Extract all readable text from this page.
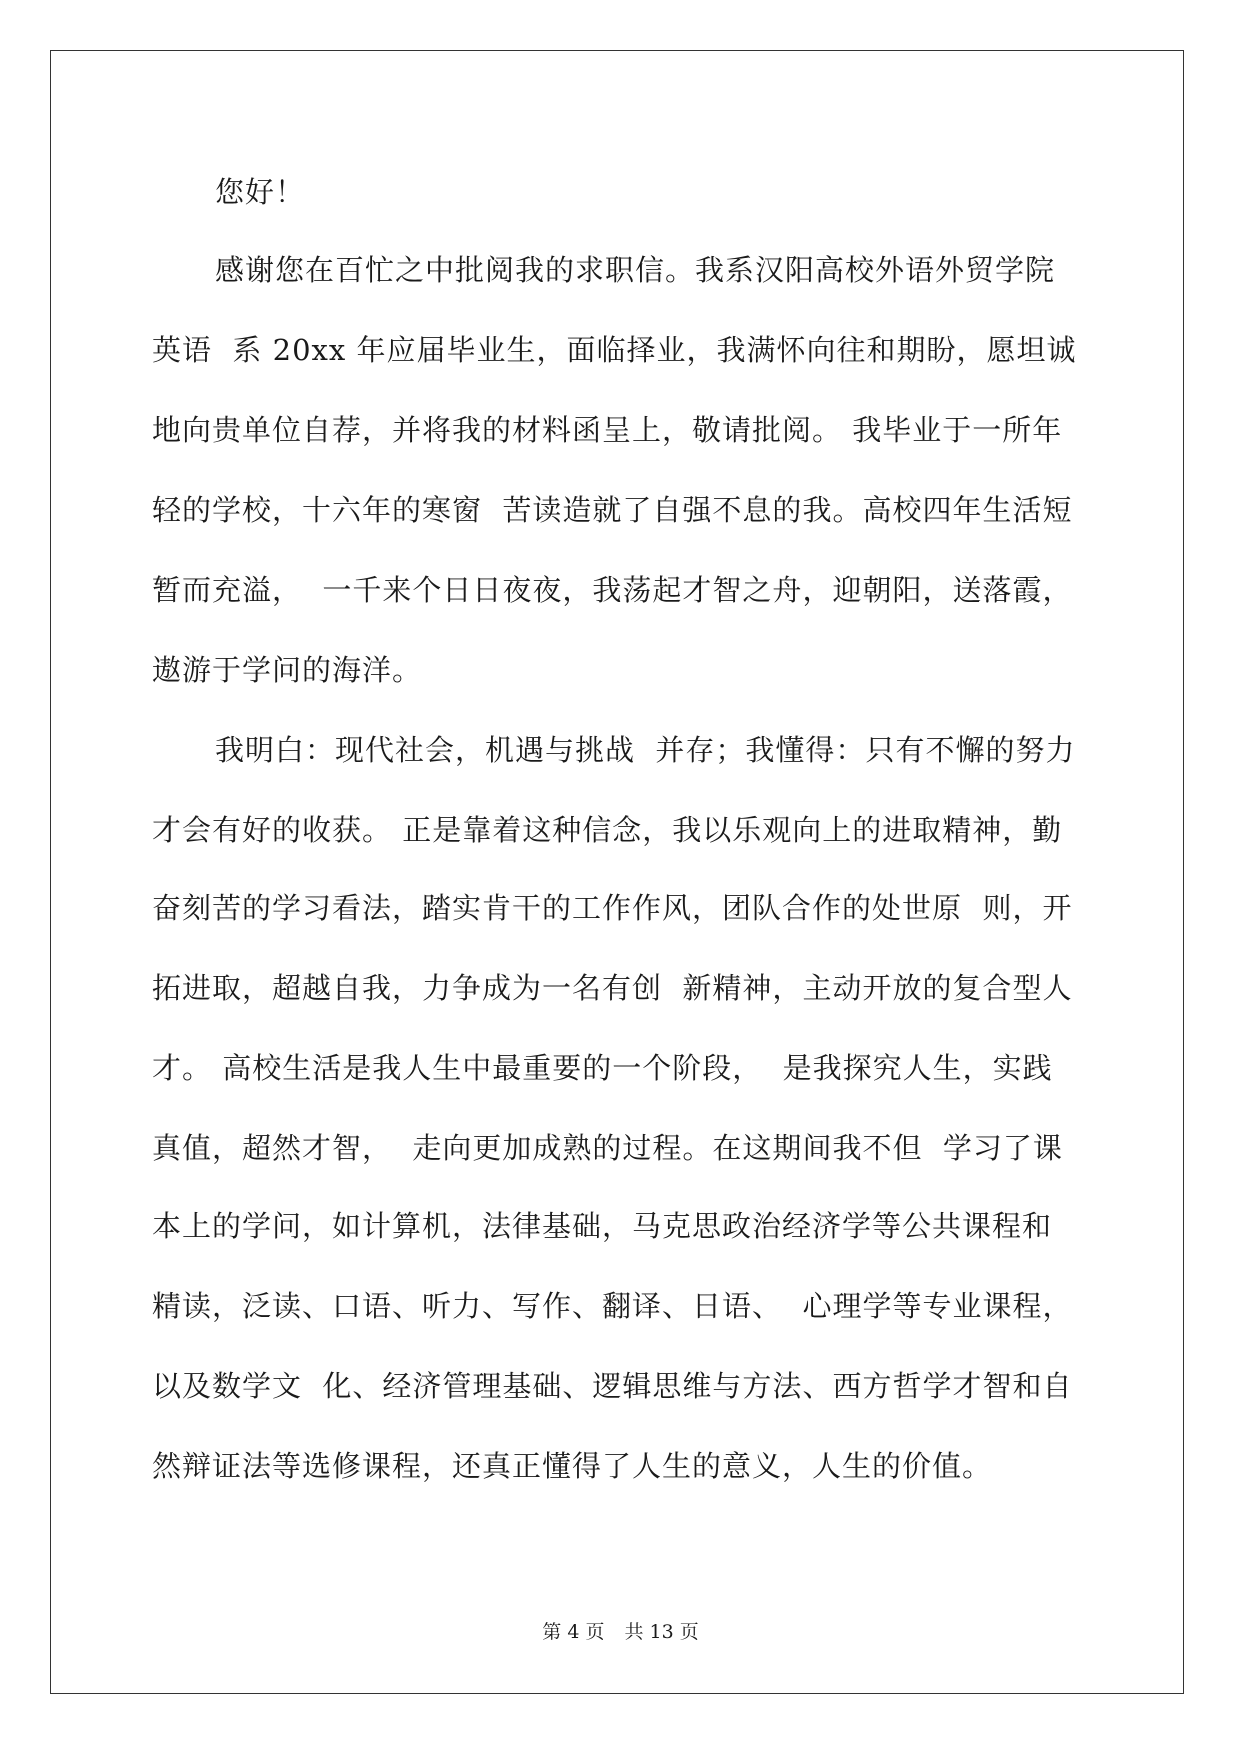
您好！
感谢您在百忙之中批阅我的求职信。我系汉阳高校外语外贸学院
英语  系 20xx 年应届毕业生，面临择业，我满怀向往和期盼，愿坦诚
地向贵单位自荐，并将我的材料函呈上，敬请批阅。 我毕业于一所年
轻的学校，十六年的寒窗  苦读造就了自强不息的我。高校四年生活短
暂而充溢，  一千来个日日夜夜，我荡起才智之舟，迎朝阳，送落霞，
遨游于学问的海洋。
我明白：现代社会，机遇与挑战  并存；我懂得：只有不懈的努力
才会有好的收获。 正是靠着这种信念，我以乐观向上的进取精神，勤
奋刻苦的学习看法，踏实肯干的工作作风，团队合作的处世原  则，开
拓进取，超越自我，力争成为一名有创  新精神，主动开放的复合型人
才。 高校生活是我人生中最重要的一个阶段，  是我探究人生，实践
真值，超然才智，  走向更加成熟的过程。在这期间我不但  学习了课
本上的学问，如计算机，法律基础，马克思政治经济学等公共课程和
精读，泛读、口语、听力、写作、翻译、日语、  心理学等专业课程，
以及数学文  化、经济管理基础、逻辑思维与方法、西方哲学才智和自
然辩证法等选修课程，还真正懂得了人生的意义，人生的价值。
第 4 页 共 13 页
